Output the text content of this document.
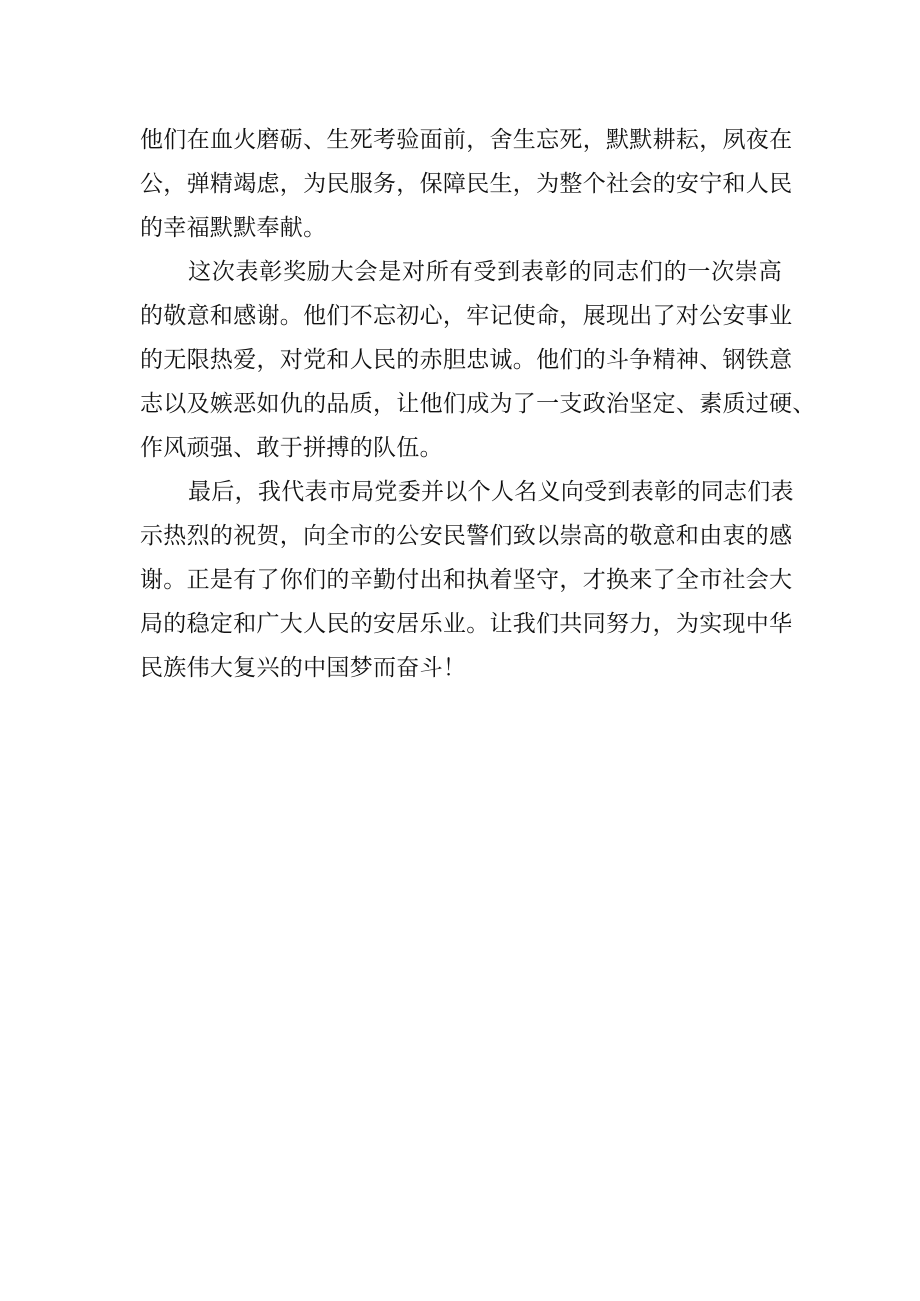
他们在血火磨砺、生死考验面前，舍生忘死，默默耕耘，夙夜在
公，弹精竭虑，为民服务，保障民生，为整个社会的安宁和人民
的幸福默默奉献。
这次表彰奖励大会是对所有受到表彰的同志们的一次崇高
的敬意和感谢。他们不忘初心，牢记使命，展现出了对公安事业
的无限热爱，对党和人民的赤胆忠诚。他们的斗争精神、钢铁意
志以及嫉恶如仇的品质，让他们成为了一支政治坚定、素质过硬、
作风顽强、敢于拼搏的队伍。
最后，我代表市局党委并以个人名义向受到表彰的同志们表
示热烈的祝贺，向全市的公安民警们致以崇高的敬意和由衷的感
谢。正是有了你们的辛勤付出和执着坚守，才换来了全市社会大
局的稳定和广大人民的安居乐业。让我们共同努力，为实现中华
民族伟大复兴的中国梦而奋斗！
